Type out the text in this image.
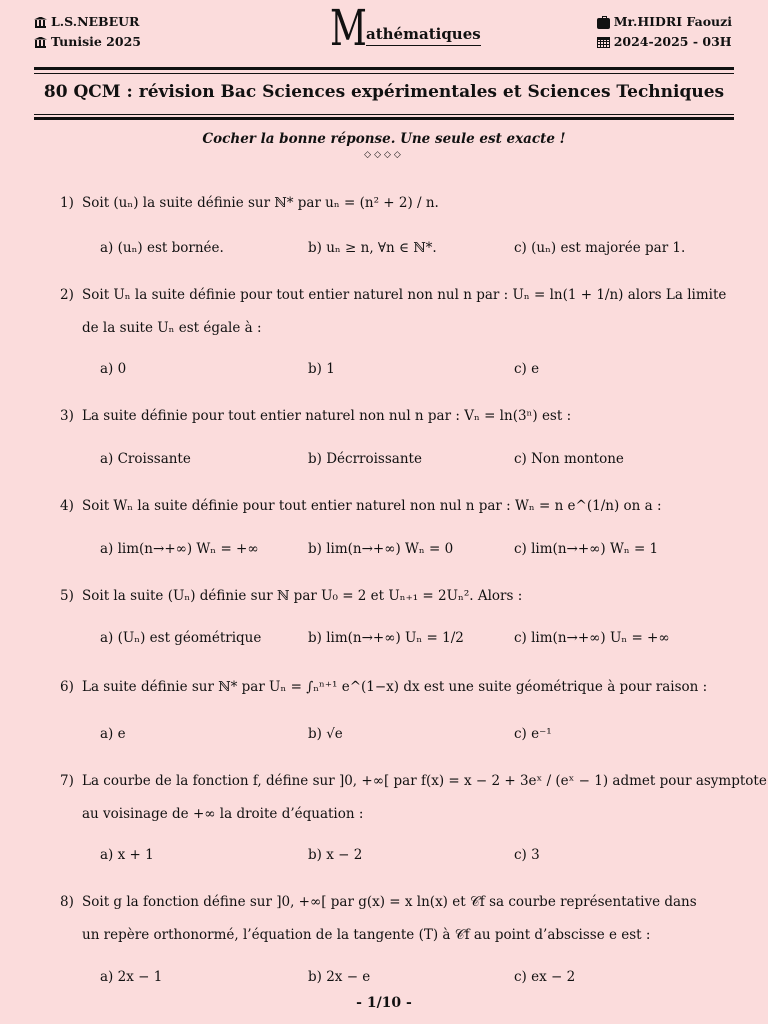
L.S.NEBEUR
Tunisie 2025	M athématiques
Mr.HIDRI Faouzi
2024-2025 - 03H
80 QCM : révision Bac Sciences expérimentales et Sciences Techniques
Cocher la bonne réponse. Une seule est exacte !
◇◇◇◇
1) Soit (uₙ) la suite définie sur ℕ* par uₙ = (n² + 2) / n.
a) (uₙ) est bornée.	b) uₙ ≥ n, ∀n ∈ ℕ*.	c) (uₙ) est majorée par 1.
2) Soit Uₙ la suite définie pour tout entier naturel non nul n par : Uₙ = ln(1 + 1/n) alors La limite
de la suite Uₙ est égale à :
a) 0	b) 1	c) e
3) La suite définie pour tout entier naturel non nul n par : Vₙ = ln(3ⁿ) est :
a) Croissante	b) Décrroissante	c) Non montone
4) Soit Wₙ la suite définie pour tout entier naturel non nul n par : Wₙ = n e^(1/n) on a :
a) lim(n→+∞) Wₙ = +∞	b) lim(n→+∞) Wₙ = 0	c) lim(n→+∞) Wₙ = 1
5) Soit la suite (Uₙ) définie sur ℕ par U₀ = 2 et Uₙ₊₁ = 2Uₙ². Alors :
a) (Uₙ) est géométrique	b) lim(n→+∞) Uₙ = 1/2	c) lim(n→+∞) Uₙ = +∞
6) La suite définie sur ℕ* par Uₙ = ∫ₙⁿ⁺¹ e^(1−x) dx est une suite géométrique à pour raison :
a) e	b) √e	c) e⁻¹
7) La courbe de la fonction f, défine sur ]0, +∞[ par f(x) = x − 2 + 3eˣ / (eˣ − 1) admet pour asymptote
au voisinage de +∞ la droite d’équation :
a) x + 1	b) x − 2	c) 3
8) Soit g la fonction défine sur ]0, +∞[ par g(x) = x ln(x) et 𝒞f sa courbe représentative dans
un repère orthonormé, l’équation de la tangente (T) à 𝒞f au point d’abscisse e est :
a) 2x − 1	b) 2x − e	c) ex − 2
- 1/10 -
